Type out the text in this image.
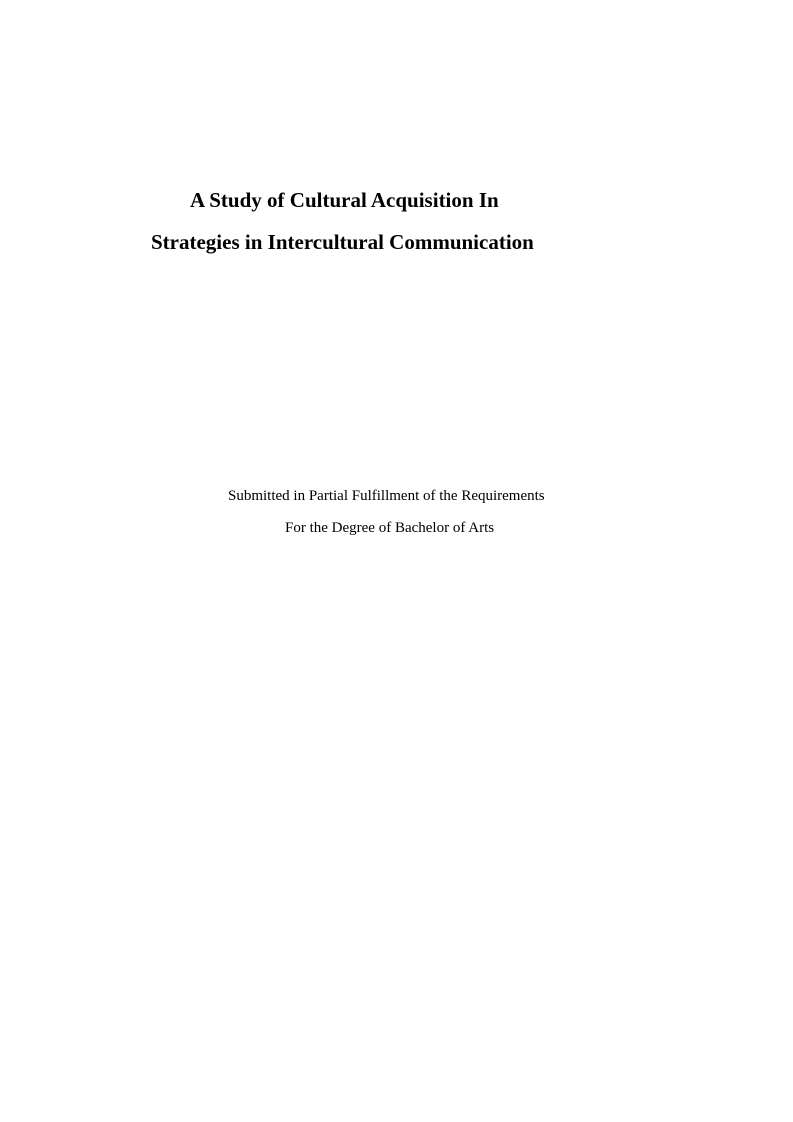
A Study of Cultural Acquisition In
Strategies in Intercultural Communication

Submitted in Partial Fulfillment of the Requirements

For the Degree of Bachelor of Arts
